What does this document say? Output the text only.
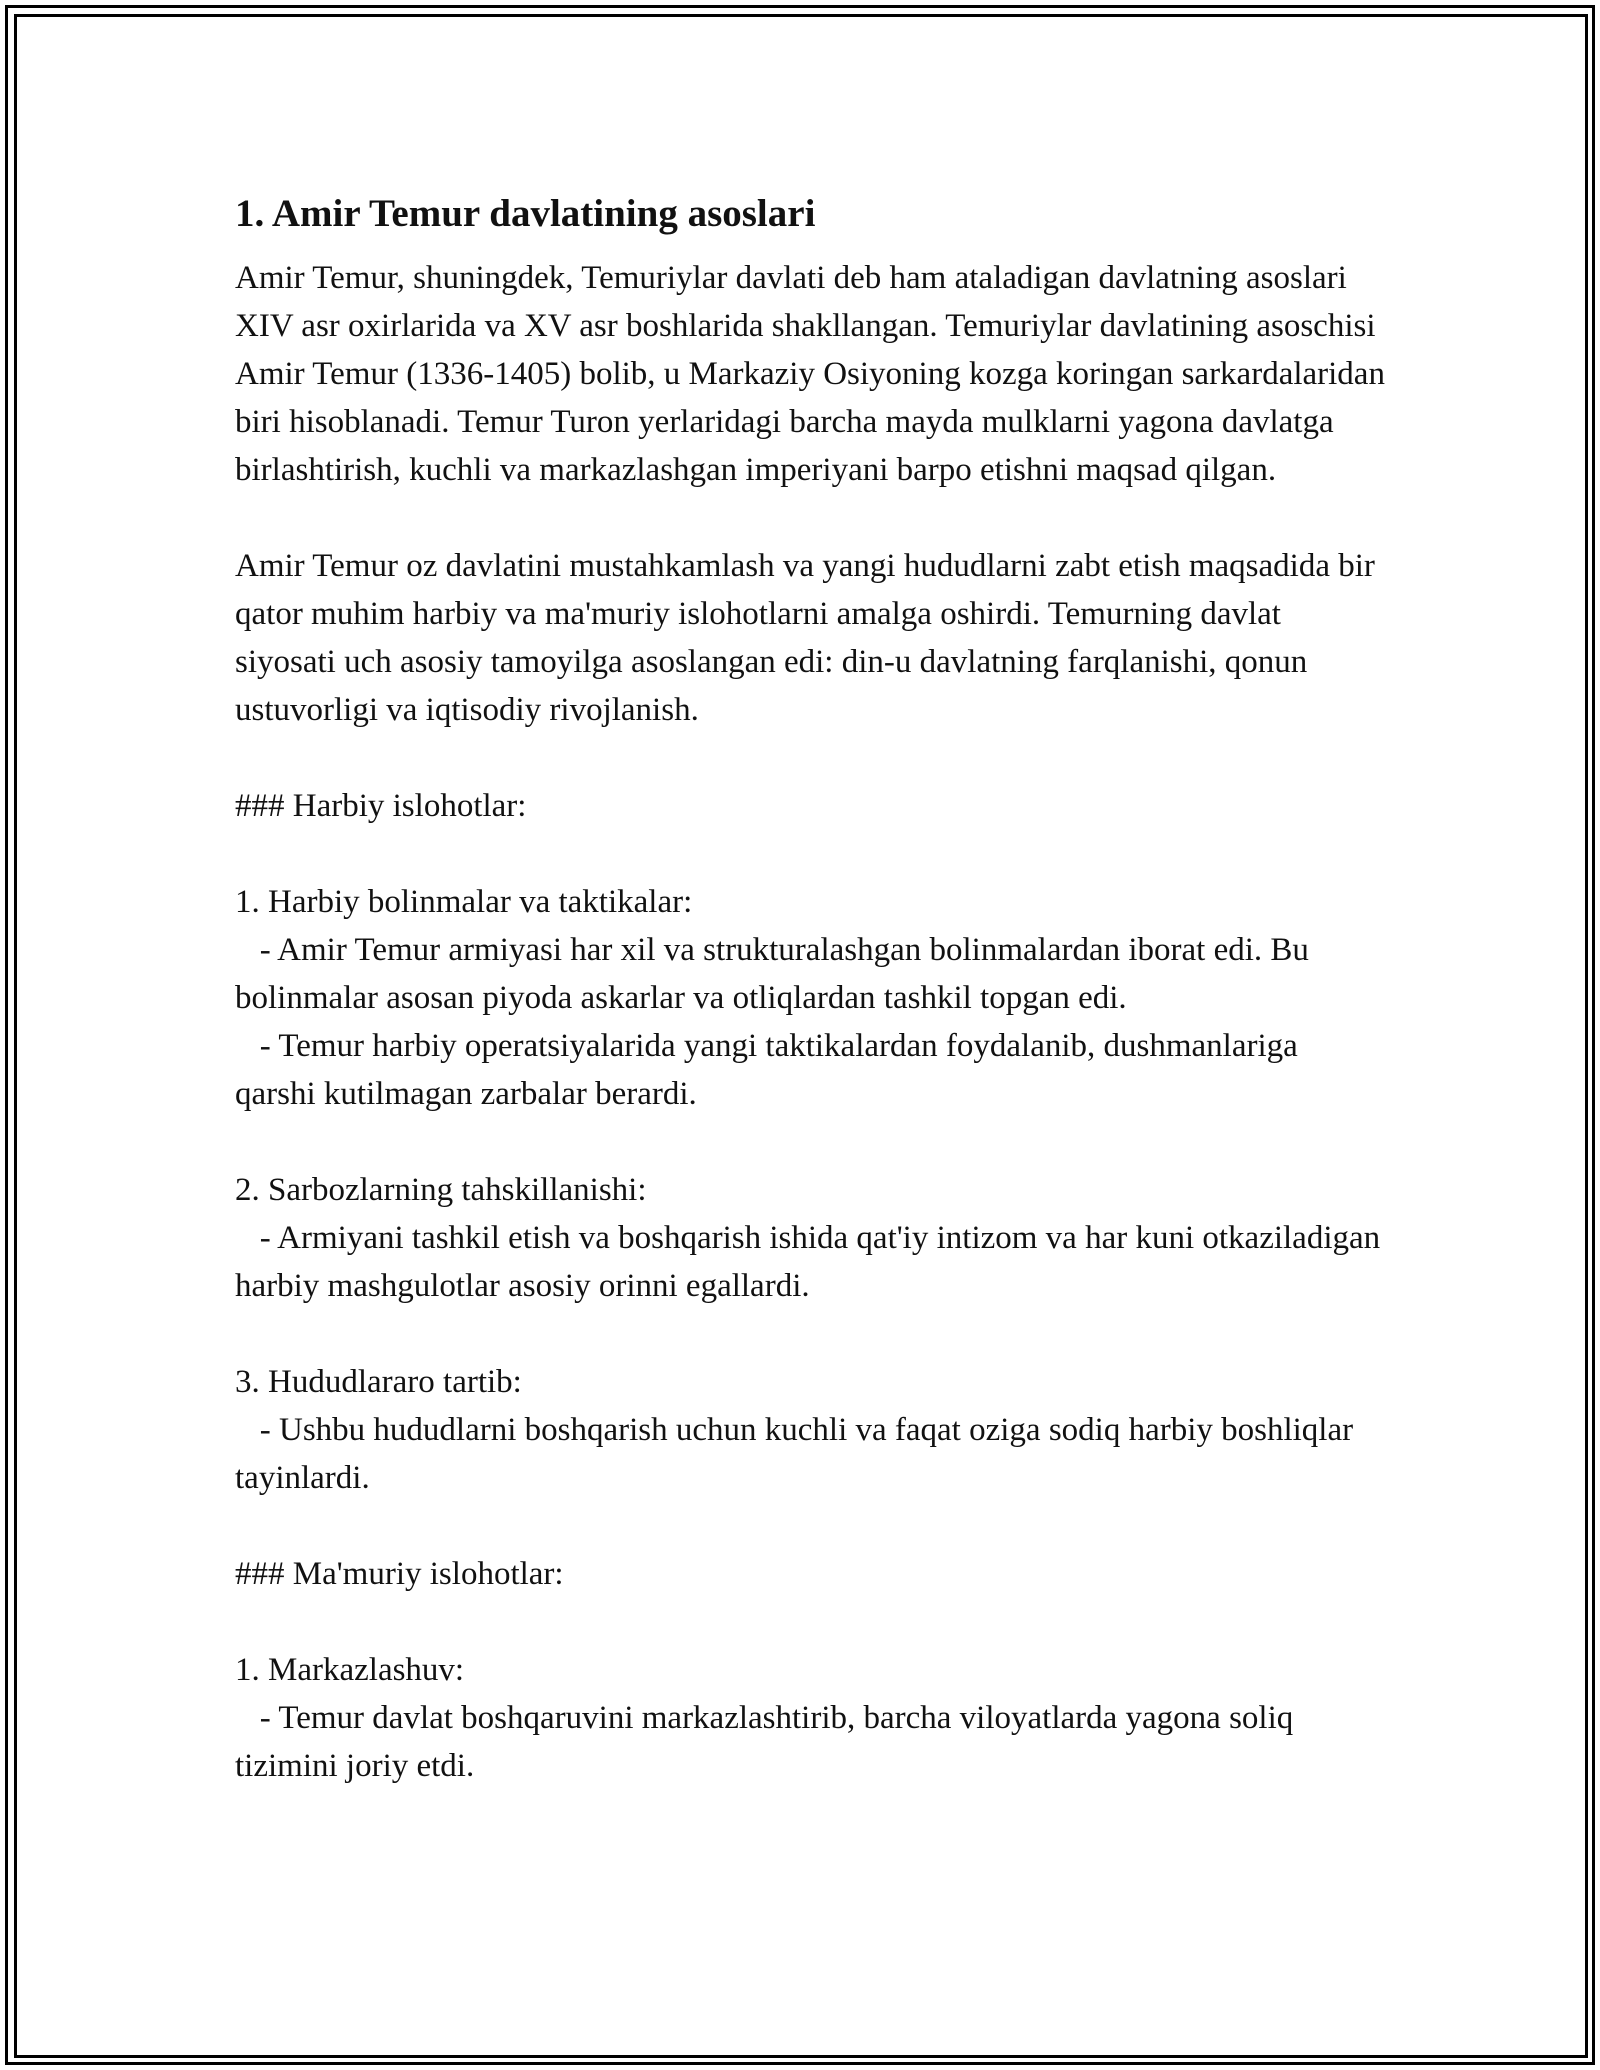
1. Amir Temur davlatining asoslari

Amir Temur, shuningdek, Temuriylar davlati deb ham ataladigan davlatning asoslari XIV asr oxirlarida va XV asr boshlarida shakllangan. Temuriylar davlatining asoschisi Amir Temur (1336-1405) bolib, u Markaziy Osiyoning kozga koringan sarkardalaridan biri hisoblanadi. Temur Turon yerlaridagi barcha mayda mulklarni yagona davlatga birlashtirish, kuchli va markazlashgan imperiyani barpo etishni maqsad qilgan.

Amir Temur oz davlatini mustahkamlash va yangi hududlarni zabt etish maqsadida bir qator muhim harbiy va ma'muriy islohotlarni amalga oshirdi. Temurning davlat siyosati uch asosiy tamoyilga asoslangan edi: din-u davlatning farqlanishi, qonun ustuvorligi va iqtisodiy rivojlanish.

### Harbiy islohotlar:

1. Harbiy bolinmalar va taktikalar:

- Amir Temur armiyasi har xil va strukturalashgan bolinmalardan iborat edi. Bu bolinmalar asosan piyoda askarlar va otliqlardan tashkil topgan edi.

- Temur harbiy operatsiyalarida yangi taktikalardan foydalanib, dushmanlariga qarshi kutilmagan zarbalar berardi.

2. Sarbozlarning tahskillanishi:

- Armiyani tashkil etish va boshqarish ishida qat'iy intizom va har kuni otkaziladigan harbiy mashgulotlar asosiy orinni egallardi.

3. Hududlararo tartib:

- Ushbu hududlarni boshqarish uchun kuchli va faqat oziga sodiq harbiy boshliqlar tayinlardi.

### Ma'muriy islohotlar:

1. Markazlashuv:

- Temur davlat boshqaruvini markazlashtirib, barcha viloyatlarda yagona soliq tizimini joriy etdi.
